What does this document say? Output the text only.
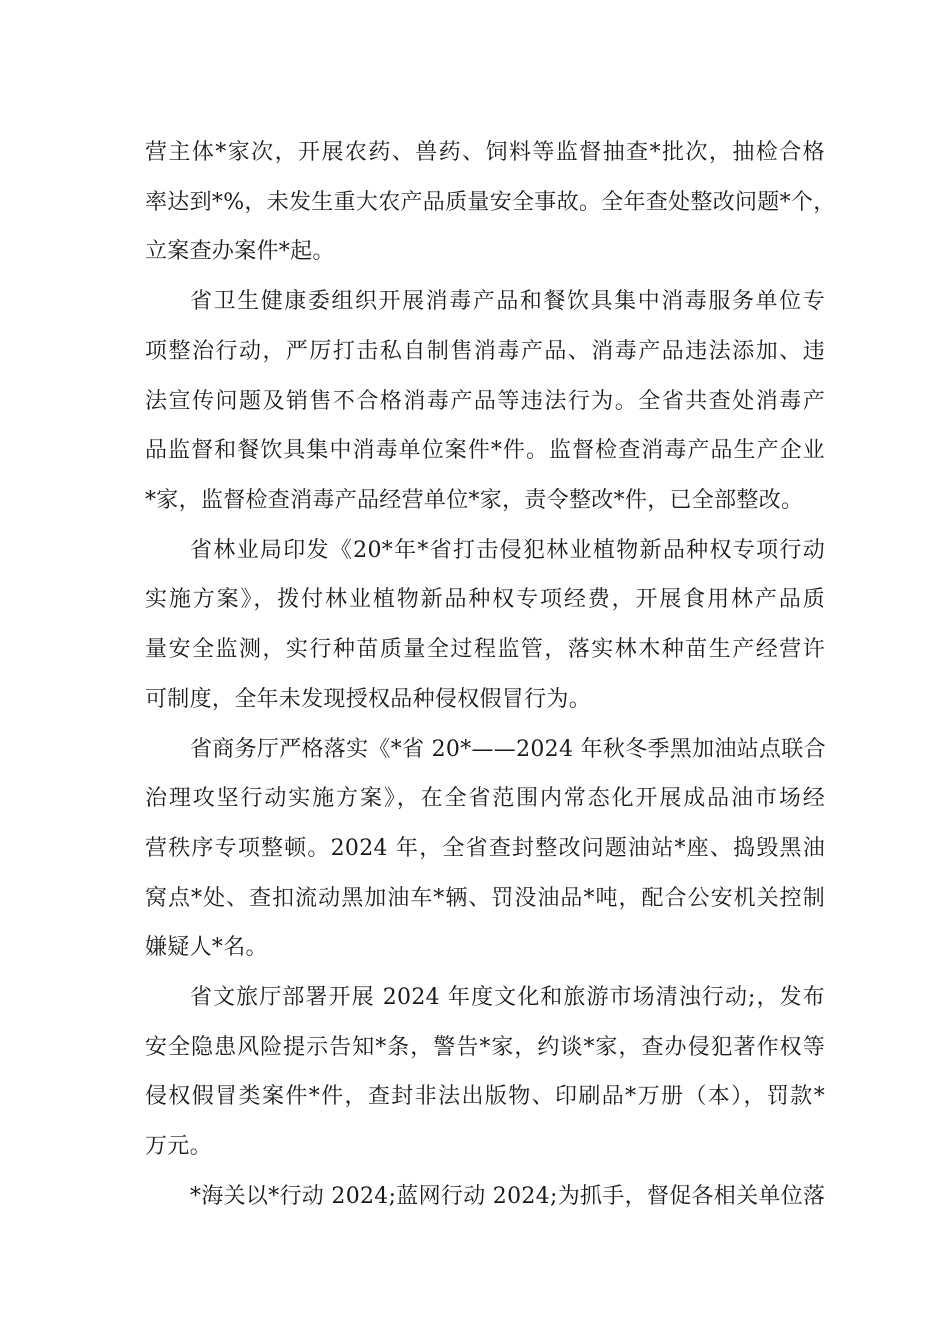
营主体*家次，开展农药、兽药、饲料等监督抽查*批次，抽检合格
率达到*%，未发生重大农产品质量安全事故。全年查处整改问题*个，
立案查办案件*起。
省卫生健康委组织开展消毒产品和餐饮具集中消毒服务单位专
项整治行动，严厉打击私自制售消毒产品、消毒产品违法添加、违
法宣传问题及销售不合格消毒产品等违法行为。全省共查处消毒产
品监督和餐饮具集中消毒单位案件*件。监督检查消毒产品生产企业
*家，监督检查消毒产品经营单位*家，责令整改*件，已全部整改。
省林业局印发《20*年*省打击侵犯林业植物新品种权专项行动
实施方案》，拨付林业植物新品种权专项经费，开展食用林产品质
量安全监测，实行种苗质量全过程监管，落实林木种苗生产经营许
可制度，全年未发现授权品种侵权假冒行为。
省商务厅严格落实《*省 20*——2024 年秋冬季黑加油站点联合
治理攻坚行动实施方案》，在全省范围内常态化开展成品油市场经
营秩序专项整顿。2024 年，全省查封整改问题油站*座、捣毁黑油
窝点*处、查扣流动黑加油车*辆、罚没油品*吨，配合公安机关控制
嫌疑人*名。
省文旅厅部署开展 2024 年度文化和旅游市场清浊行动;，发布
安全隐患风险提示告知*条，警告*家，约谈*家，查办侵犯著作权等
侵权假冒类案件*件，查封非法出版物、印刷品*万册（本），罚款*
万元。
*海关以*行动 2024;蓝网行动 2024;为抓手，督促各相关单位落
